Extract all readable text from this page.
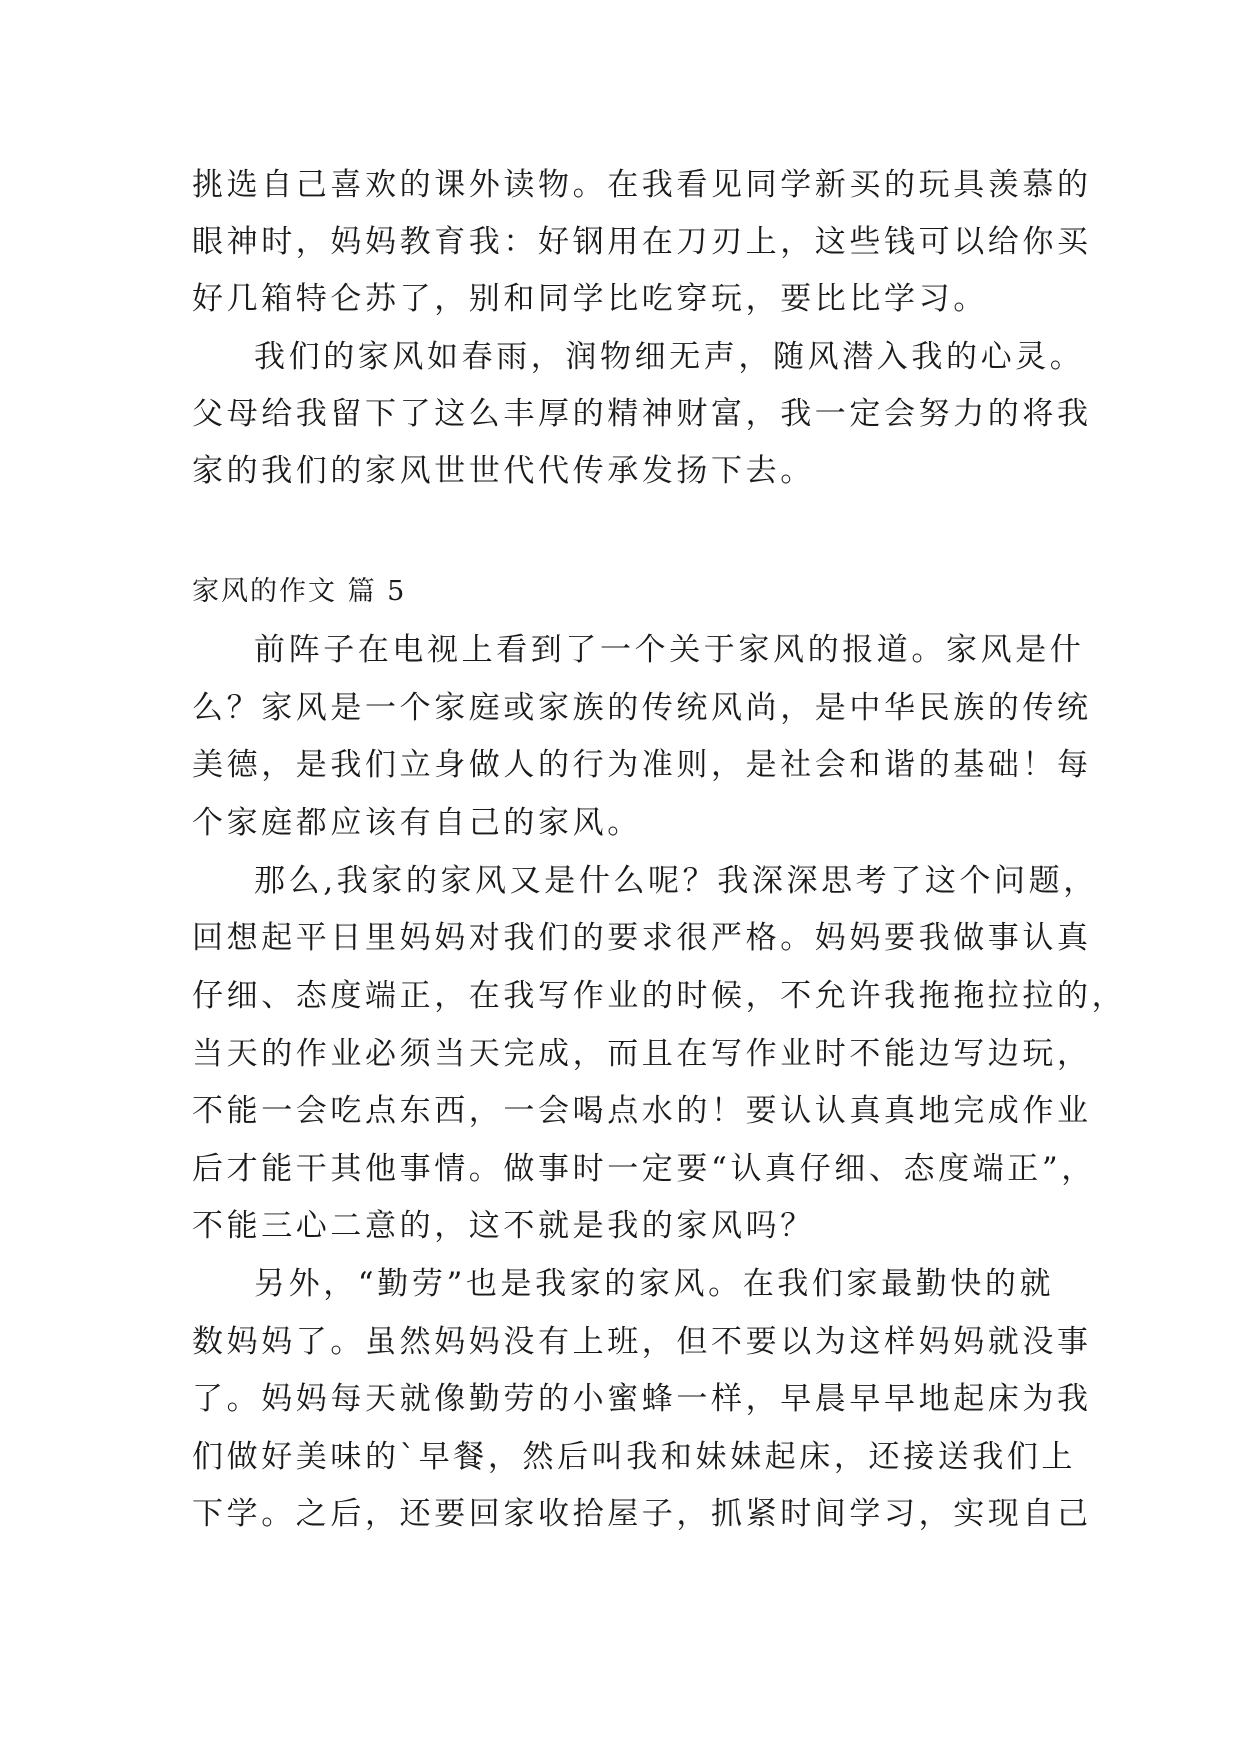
挑选自己喜欢的课外读物。在我看见同学新买的玩具羡慕的
眼神时，妈妈教育我：好钢用在刀刃上，这些钱可以给你买
好几箱特仑苏了，别和同学比吃穿玩，要比比学习。
我们的家风如春雨，润物细无声，随风潜入我的心灵。
父母给我留下了这么丰厚的精神财富，我一定会努力的将我
家的我们的家风世世代代传承发扬下去。
家风的作文 篇 5
前阵子在电视上看到了一个关于家风的报道。家风是什
么？家风是一个家庭或家族的传统风尚，是中华民族的传统
美德，是我们立身做人的行为准则，是社会和谐的基础！每
个家庭都应该有自己的家风。
那么,我家的家风又是什么呢？我深深思考了这个问题，
回想起平日里妈妈对我们的要求很严格。妈妈要我做事认真
仔细、态度端正，在我写作业的时候，不允许我拖拖拉拉的，
当天的作业必须当天完成，而且在写作业时不能边写边玩，
不能一会吃点东西，一会喝点水的！要认认真真地完成作业
后才能干其他事情。做事时一定要“认真仔细、态度端正”，
不能三心二意的，这不就是我的家风吗？
另外，“勤劳”也是我家的家风。在我们家最勤快的就
数妈妈了。虽然妈妈没有上班，但不要以为这样妈妈就没事
了。妈妈每天就像勤劳的小蜜蜂一样，早晨早早地起床为我
们做好美味的`早餐，然后叫我和妹妹起床，还接送我们上
下学。之后，还要回家收拾屋子，抓紧时间学习，实现自己
